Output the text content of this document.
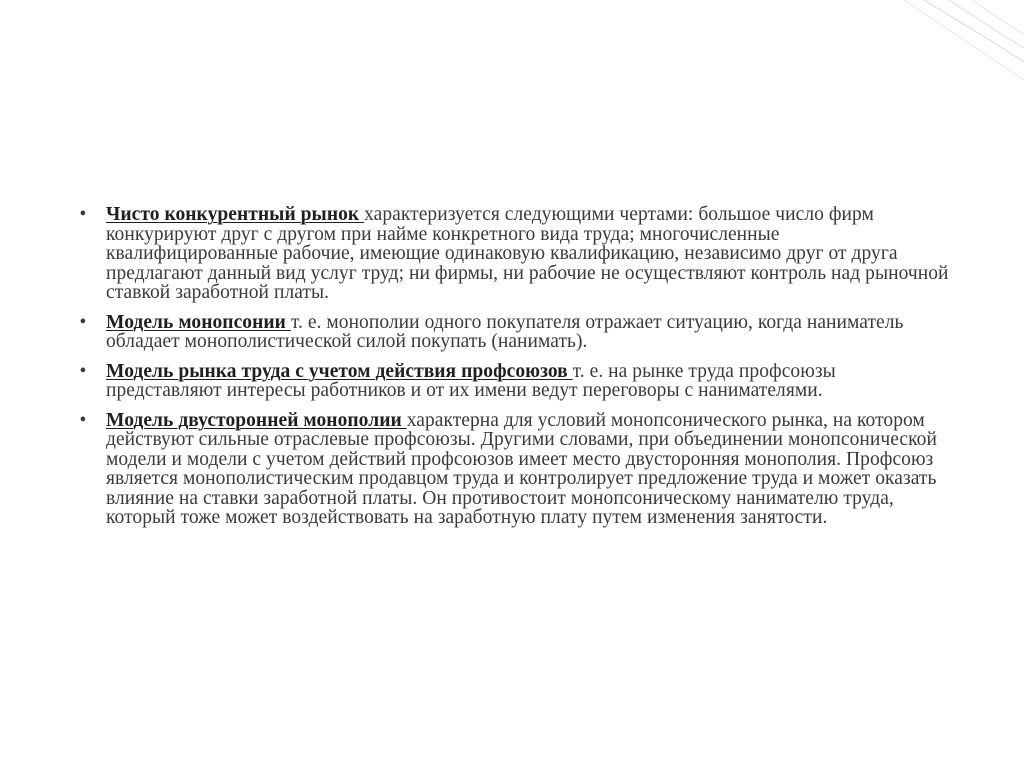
• Чисто конкурентный рынок характеризуется следующими чертами: большое число фирм конкурируют друг с другом при найме конкретного вида труда; многочисленные квалифицированные рабочие, имеющие одинаковую квалификацию, независимо друг от друга предлагают данный вид услуг труд; ни фирмы, ни рабочие не осуществляют контроль над рыночной ставкой заработной платы.
• Модель монопсонии т. е. монополии одного покупателя отражает ситуацию, когда наниматель обладает монополистической силой покупать (нанимать).
• Модель рынка труда с учетом действия профсоюзов т. е. на рынке труда профсоюзы представляют интересы работников и от их имени ведут переговоры с нанимателями.
• Модель двусторонней монополии характерна для условий монопсонического рынка, на котором действуют сильные отраслевые профсоюзы. Другими словами, при объединении монопсонической модели и модели с учетом действий профсоюзов имеет место двусторонняя монополия. Профсоюз является монополистическим продавцом труда и контролирует предложение труда и может оказать влияние на ставки заработной платы. Он противостоит монопсоническому нанимателю труда, который тоже может воздействовать на заработную плату путем изменения занятости.
